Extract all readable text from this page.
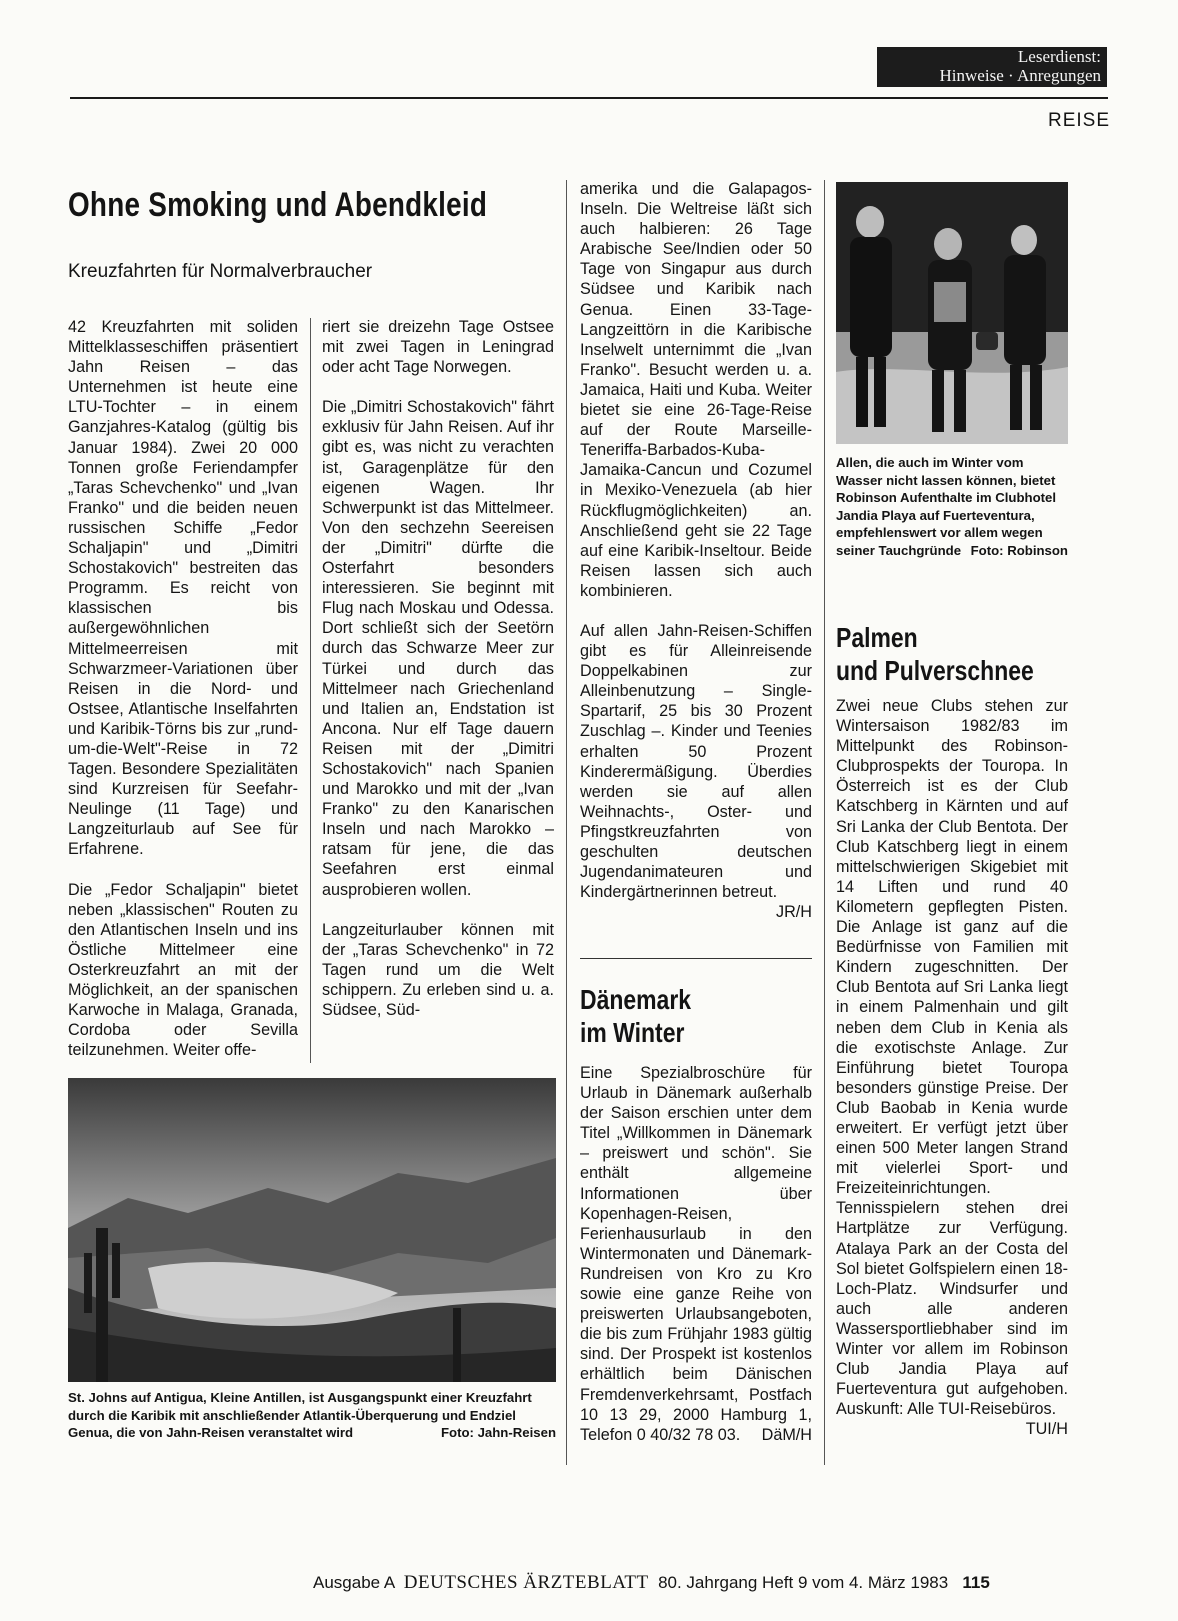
Leserdienst:
Hinweise · Anregungen
REISE
Ohne Smoking und Abendkleid
Kreuzfahrten für Normalverbraucher

42 Kreuzfahrten mit soliden Mittelklasseschiffen präsentiert Jahn Reisen – das Unternehmen ist heute eine LTU-Tochter – in einem Ganzjahres-Katalog (gültig bis Januar 1984). Zwei 20 000 Tonnen große Feriendampfer „Taras Schevchenko" und „Ivan Franko" und die beiden neuen russischen Schiffe „Fedor Schaljapin" und „Dimitri Schostakovich" bestreiten das Programm. Es reicht von klassischen bis außergewöhnlichen Mittelmeerreisen mit Schwarzmeer-Variationen über Reisen in die Nord- und Ostsee, Atlantische Inselfahrten und Karibik-Törns bis zur „rund-um-die-Welt"-Reise in 72 Tagen. Besondere Spezialitäten sind Kurzreisen für Seefahr-Neulinge (11 Tage) und Langzeiturlaub auf See für Erfahrene.

Die „Fedor Schaljapin" bietet neben „klassischen" Routen zu den Atlantischen Inseln und ins Östliche Mittelmeer eine Osterkreuzfahrt an mit der Möglichkeit, an der spanischen Karwoche in Malaga, Granada, Cordoba oder Sevilla teilzunehmen. Weiter offe-

riert sie dreizehn Tage Ostsee mit zwei Tagen in Leningrad oder acht Tage Norwegen.

Die „Dimitri Schostakovich" fährt exklusiv für Jahn Reisen. Auf ihr gibt es, was nicht zu verachten ist, Garagenplätze für den eigenen Wagen. Ihr Schwerpunkt ist das Mittelmeer. Von den sechzehn Seereisen der „Dimitri" dürfte die Osterfahrt besonders interessieren. Sie beginnt mit Flug nach Moskau und Odessa. Dort schließt sich der Seetörn durch das Schwarze Meer zur Türkei und durch das Mittelmeer nach Griechenland und Italien an, Endstation ist Ancona. Nur elf Tage dauern Reisen mit der „Dimitri Schostakovich" nach Spanien und Marokko und mit der „Ivan Franko" zu den Kanarischen Inseln und nach Marokko – ratsam für jene, die das Seefahren erst einmal ausprobieren wollen.

Langzeiturlauber können mit der „Taras Schevchenko" in 72 Tagen rund um die Welt schippern. Zu erleben sind u. a. Südsee, Süd-

amerika und die Galapagos-Inseln. Die Weltreise läßt sich auch halbieren: 26 Tage Arabische See/Indien oder 50 Tage von Singapur aus durch Südsee und Karibik nach Genua. Einen 33-Tage-Langzeittörn in die Karibische Inselwelt unternimmt die „Ivan Franko". Besucht werden u. a. Jamaica, Haiti und Kuba. Weiter bietet sie eine 26-Tage-Reise auf der Route Marseille-Teneriffa-Barbados-Kuba-Jamaika-Cancun und Cozumel in Mexiko-Venezuela (ab hier Rückflugmöglichkeiten) an. Anschließend geht sie 22 Tage auf eine Karibik-Inseltour. Beide Reisen lassen sich auch kombinieren.

Auf allen Jahn-Reisen-Schiffen gibt es für Alleinreisende Doppelkabinen zur Alleinbenutzung – Single-Spartarif, 25 bis 30 Prozent Zuschlag –. Kinder und Teenies erhalten 50 Prozent Kinderermäßigung. Überdies werden sie auf allen Weihnachts-, Oster- und Pfingstkreuzfahrten von geschulten deutschen Jugendanimateuren und Kindergärtnerinnen betreut.

JR/H
St. Johns auf Antigua, Kleine Antillen, ist Ausgangspunkt einer Kreuzfahrt durch die Karibik mit anschließender Atlantik-Überquerung und Endziel Genua, die von Jahn-Reisen veranstaltet wird	Foto: Jahn-Reisen
Dänemark
im Winter
Eine Spezialbroschüre für Urlaub in Dänemark außerhalb der Saison erschien unter dem Titel „Willkommen in Dänemark – preiswert und schön". Sie enthält allgemeine Informationen über Kopenhagen-Reisen, Ferienhausurlaub in den Wintermonaten und Dänemark-Rundreisen von Kro zu Kro sowie eine ganze Reihe von preiswerten Urlaubsangeboten, die bis zum Frühjahr 1983 gültig sind. Der Prospekt ist kostenlos erhältlich beim Dänischen Fremdenverkehrsamt, Postfach 10 13 29, 2000 Hamburg 1, Telefon 0 40/32 78 03. DäM/H
Allen, die auch im Winter vom Wasser nicht lassen können, bietet Robinson Aufenthalte im Clubhotel Jandia Playa auf Fuerteventura, empfehlenswert vor allem wegen seiner Tauchgründe Foto: Robinson
Palmen
und Pulverschnee
Zwei neue Clubs stehen zur Wintersaison 1982/83 im Mittelpunkt des Robinson-Clubprospekts der Touropa. In Österreich ist es der Club Katschberg in Kärnten und auf Sri Lanka der Club Bentota. Der Club Katschberg liegt in einem mittelschwierigen Skigebiet mit 14 Liften und rund 40 Kilometern gepflegten Pisten. Die Anlage ist ganz auf die Bedürfnisse von Familien mit Kindern zugeschnitten. Der Club Bentota auf Sri Lanka liegt in einem Palmenhain und gilt neben dem Club in Kenia als die exotischste Anlage. Zur Einführung bietet Touropa besonders günstige Preise. Der Club Baobab in Kenia wurde erweitert. Er verfügt jetzt über einen 500 Meter langen Strand mit vielerlei Sport- und Freizeiteinrichtungen. Tennisspielern stehen drei Hartplätze zur Verfügung. Atalaya Park an der Costa del Sol bietet Golfspielern einen 18-Loch-Platz. Windsurfer und auch alle anderen Wassersportliebhaber sind im Winter vor allem im Robinson Club Jandia Playa auf Fuerteventura gut aufgehoben. Auskunft: Alle TUI-Reisebüros.
TUI/H
Ausgabe A DEUTSCHES ÄRZTEBLATT 80. Jahrgang Heft 9 vom 4. März 1983 115
